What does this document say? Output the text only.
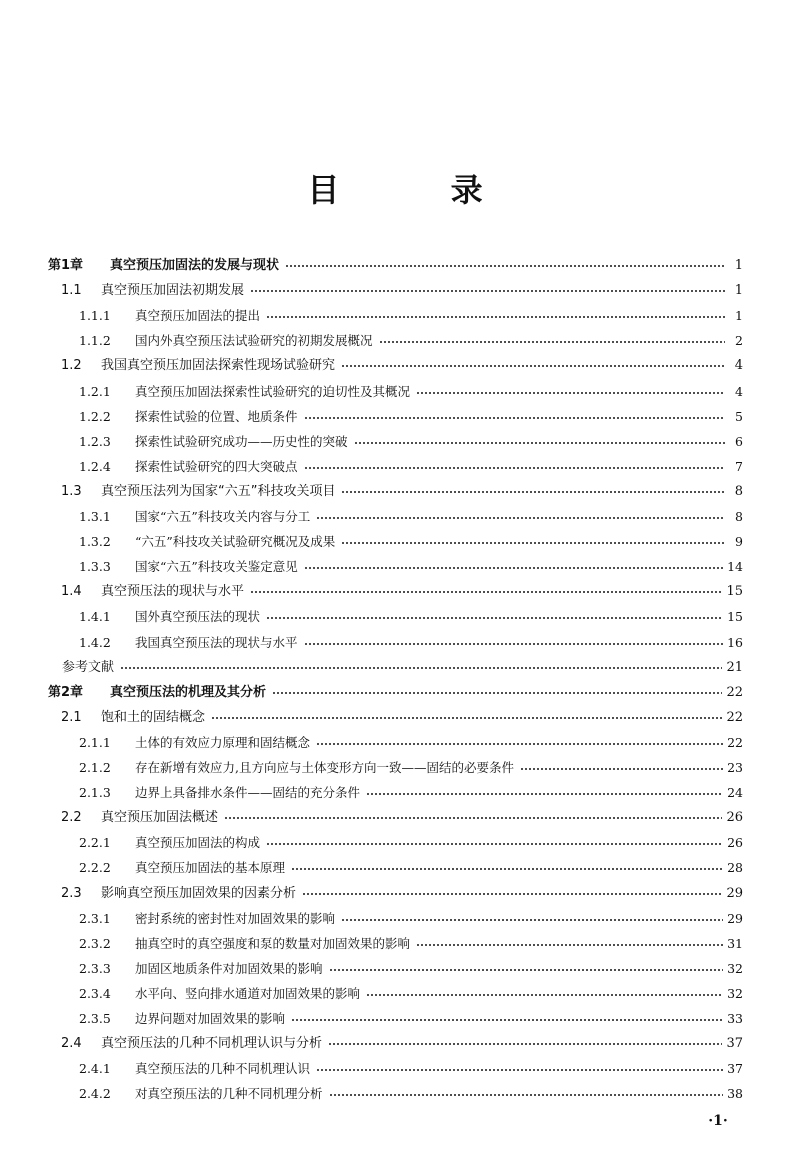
目 录
第1章	真空预压加固法的发展与现状	1
1.1	真空预压加固法初期发展	1
1.1.1	真空预压加固法的提出	1
1.1.2	国内外真空预压法试验研究的初期发展概况	2
1.2	我国真空预压加固法探索性现场试验研究	4
1.2.1	真空预压加固法探索性试验研究的迫切性及其概况	4
1.2.2	探索性试验的位置、地质条件	5
1.2.3	探索性试验研究成功——历史性的突破	6
1.2.4	探索性试验研究的四大突破点	7
1.3	真空预压法列为国家“六五”科技攻关项目	8
1.3.1	国家“六五”科技攻关内容与分工	8
1.3.2	“六五”科技攻关试验研究概况及成果	9
1.3.3	国家“六五”科技攻关鉴定意见	14
1.4	真空预压法的现状与水平	15
1.4.1	国外真空预压法的现状	15
1.4.2	我国真空预压法的现状与水平	16
参考文献	21
第2章	真空预压法的机理及其分析	22
2.1	饱和土的固结概念	22
2.1.1	土体的有效应力原理和固结概念	22
2.1.2	存在新增有效应力,且方向应与土体变形方向一致——固结的必要条件	23
2.1.3	边界上具备排水条件——固结的充分条件	24
2.2	真空预压加固法概述	26
2.2.1	真空预压加固法的构成	26
2.2.2	真空预压加固法的基本原理	28
2.3	影响真空预压加固效果的因素分析	29
2.3.1	密封系统的密封性对加固效果的影响	29
2.3.2	抽真空时的真空强度和泵的数量对加固效果的影响	31
2.3.3	加固区地质条件对加固效果的影响	32
2.3.4	水平向、竖向排水通道对加固效果的影响	32
2.3.5	边界问题对加固效果的影响	33
2.4	真空预压法的几种不同机理认识与分析	37
2.4.1	真空预压法的几种不同机理认识	37
2.4.2	对真空预压法的几种不同机理分析	38
·1·
